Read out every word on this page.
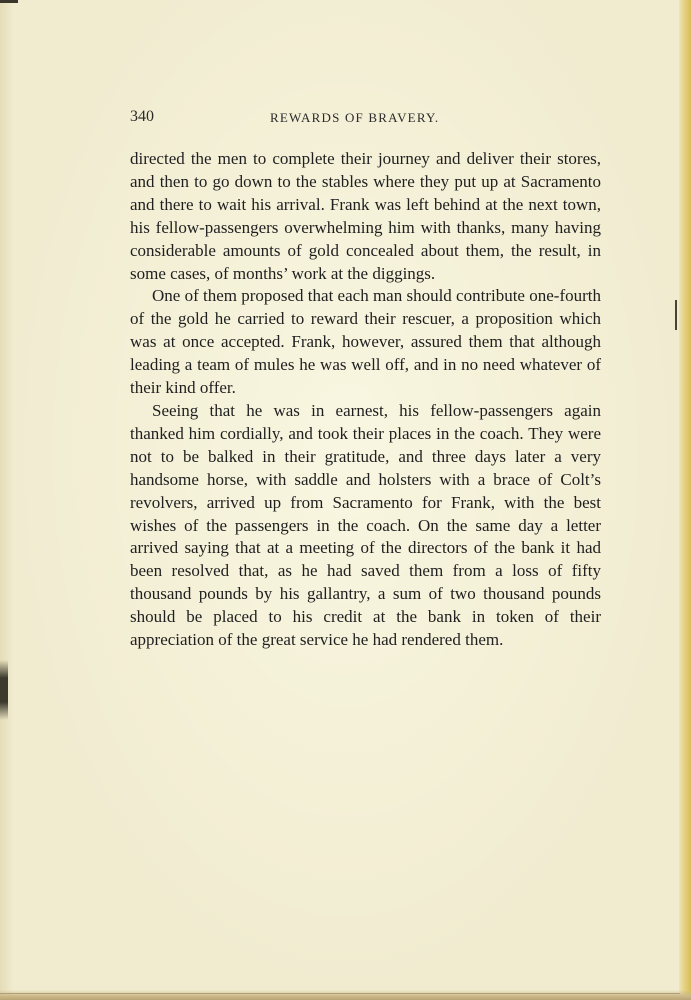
340	REWARDS OF BRAVERY.

directed the men to complete their journey and deliver their stores, and then to go down to the stables where they put up at Sacramento and there to wait his arrival. Frank was left behind at the next town, his fellow-passengers overwhelming him with thanks, many having considerable amounts of gold concealed about them, the result, in some cases, of months’ work at the diggings.

One of them proposed that each man should contribute one-fourth of the gold he carried to reward their rescuer, a proposition which was at once accepted. Frank, however, assured them that although leading a team of mules he was well off, and in no need whatever of their kind offer.

Seeing that he was in earnest, his fellow-passengers again thanked him cordially, and took their places in the coach. They were not to be balked in their gratitude, and three days later a very handsome horse, with saddle and holsters with a brace of Colt’s revolvers, arrived up from Sacramento for Frank, with the best wishes of the passengers in the coach. On the same day a letter arrived saying that at a meeting of the directors of the bank it had been resolved that, as he had saved them from a loss of fifty thousand pounds by his gallantry, a sum of two thousand pounds should be placed to his credit at the bank in token of their appreciation of the great service he had rendered them.
